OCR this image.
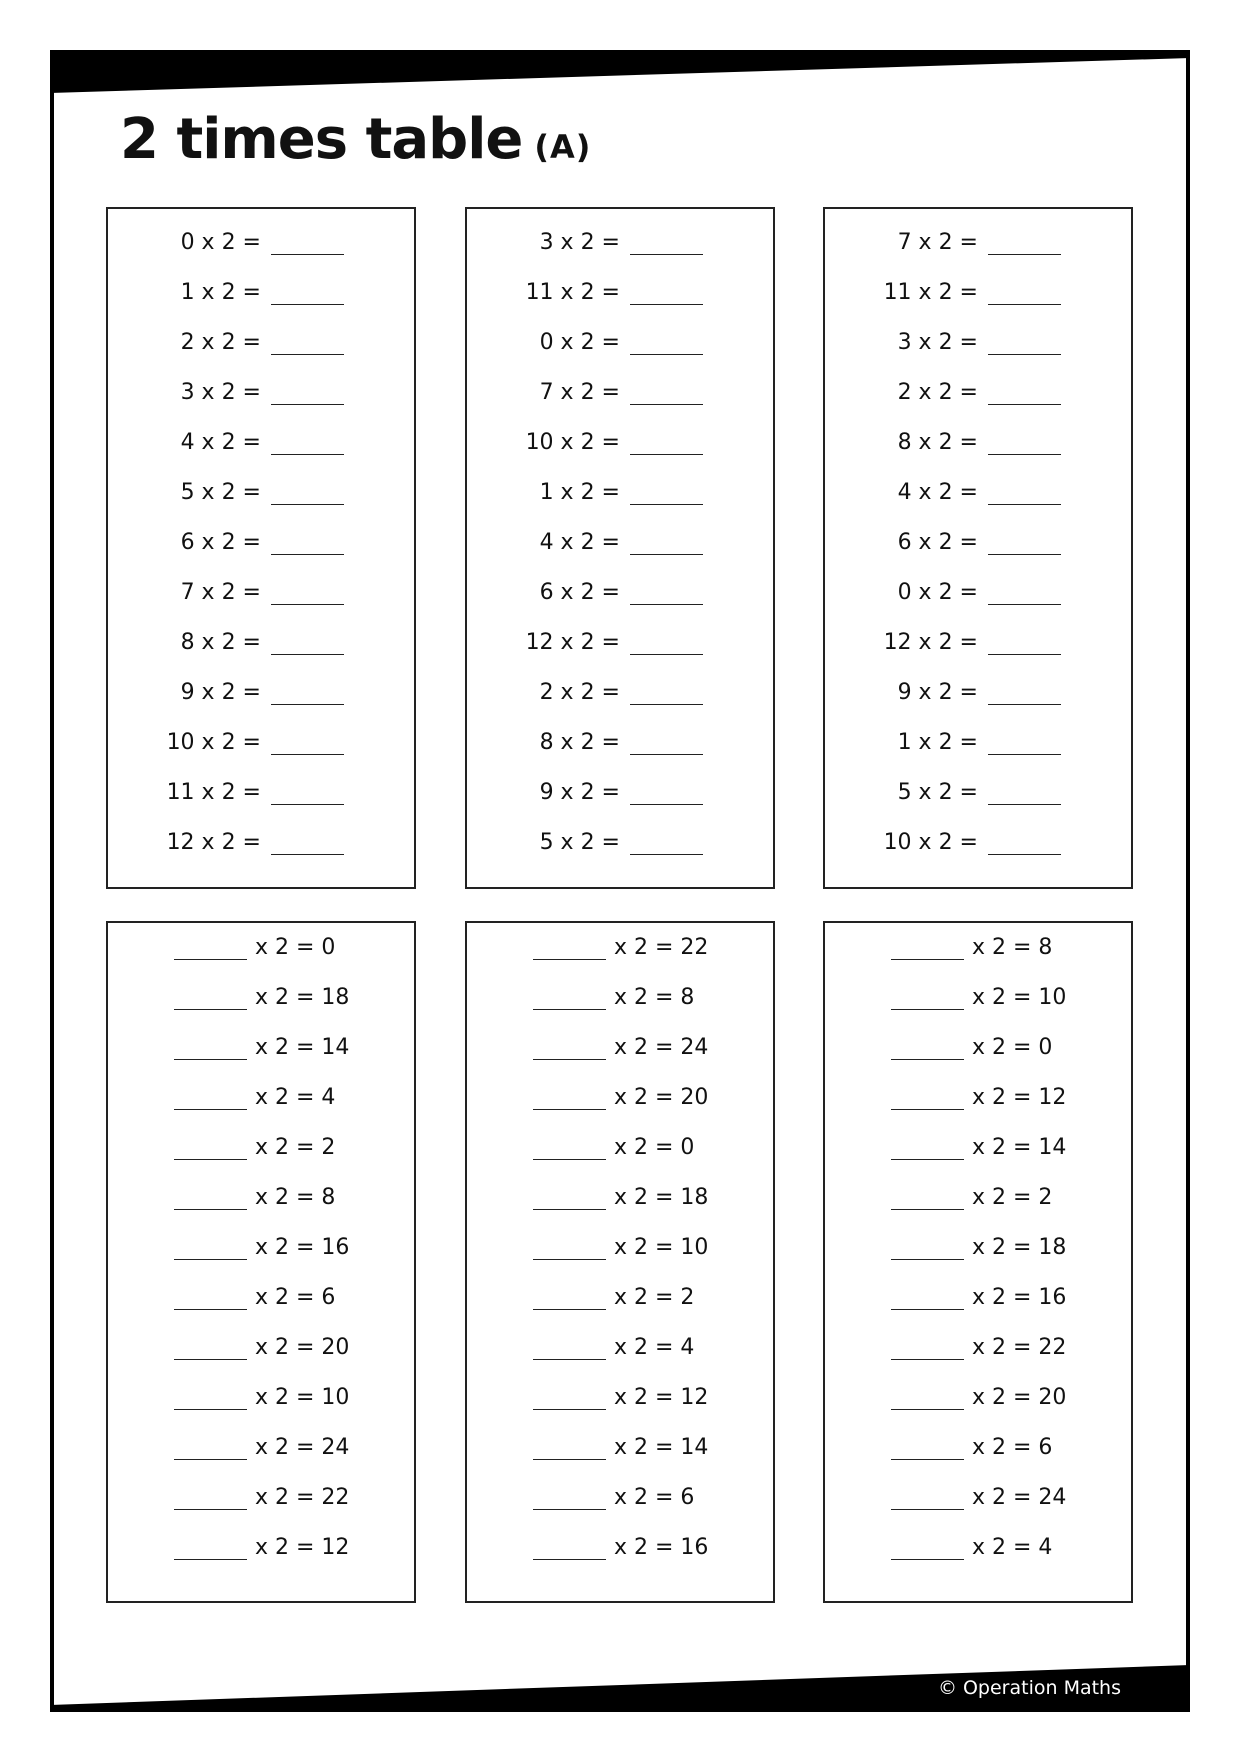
2 times table (A)
0 x 2 =
1 x 2 =
2 x 2 =
3 x 2 =
4 x 2 =
5 x 2 =
6 x 2 =
7 x 2 =
8 x 2 =
9 x 2 =
10 x 2 =
11 x 2 =
12 x 2 =
3 x 2 =
11 x 2 =
0 x 2 =
7 x 2 =
10 x 2 =
1 x 2 =
4 x 2 =
6 x 2 =
12 x 2 =
2 x 2 =
8 x 2 =
9 x 2 =
5 x 2 =
7 x 2 =
11 x 2 =
3 x 2 =
2 x 2 =
8 x 2 =
4 x 2 =
6 x 2 =
0 x 2 =
12 x 2 =
9 x 2 =
1 x 2 =
5 x 2 =
10 x 2 =
x 2 = 0
x 2 = 18
x 2 = 14
x 2 = 4
x 2 = 2
x 2 = 8
x 2 = 16
x 2 = 6
x 2 = 20
x 2 = 10
x 2 = 24
x 2 = 22
x 2 = 12
x 2 = 22
x 2 = 8
x 2 = 24
x 2 = 20
x 2 = 0
x 2 = 18
x 2 = 10
x 2 = 2
x 2 = 4
x 2 = 12
x 2 = 14
x 2 = 6
x 2 = 16
x 2 = 8
x 2 = 10
x 2 = 0
x 2 = 12
x 2 = 14
x 2 = 2
x 2 = 18
x 2 = 16
x 2 = 22
x 2 = 20
x 2 = 6
x 2 = 24
x 2 = 4
© Operation Maths
